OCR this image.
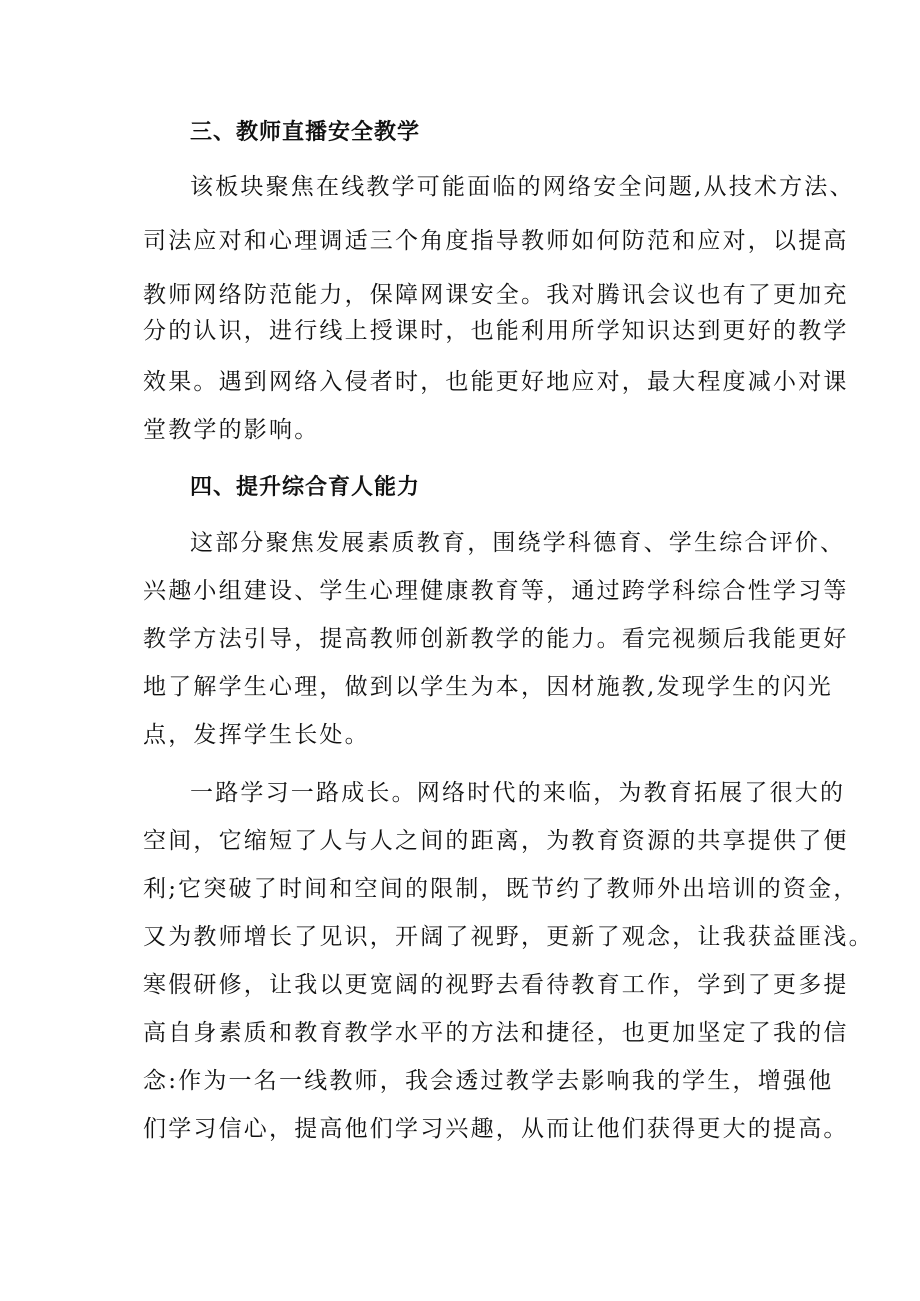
三、教师直播安全教学
该板块聚焦在线教学可能面临的网络安全问题,从技术方法、
司法应对和心理调适三个角度指导教师如何防范和应对，以提高
教师网络防范能力，保障网课安全。我对腾讯会议也有了更加充
分的认识，进行线上授课时，也能利用所学知识达到更好的教学
效果。遇到网络入侵者时，也能更好地应对，最大程度减小对课
堂教学的影响。
四、提升综合育人能力
这部分聚焦发展素质教育，围绕学科德育、学生综合评价、
兴趣小组建设、学生心理健康教育等，通过跨学科综合性学习等
教学方法引导，提高教师创新教学的能力。看完视频后我能更好
地了解学生心理，做到以学生为本，因材施教,发现学生的闪光
点，发挥学生长处。
一路学习一路成长。网络时代的来临，为教育拓展了很大的
空间，它缩短了人与人之间的距离，为教育资源的共享提供了便
利;它突破了时间和空间的限制，既节约了教师外出培训的资金，
又为教师增长了见识，开阔了视野，更新了观念，让我获益匪浅。
寒假研修，让我以更宽阔的视野去看待教育工作，学到了更多提
高自身素质和教育教学水平的方法和捷径，也更加坚定了我的信
念:作为一名一线教师，我会透过教学去影响我的学生，增强他
们学习信心，提高他们学习兴趣，从而让他们获得更大的提高。
